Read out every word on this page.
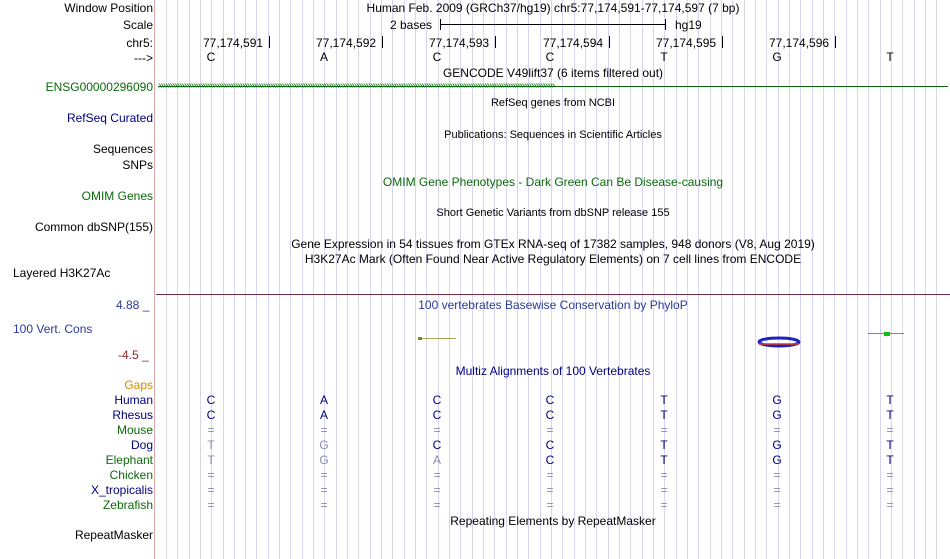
Window Position	Human Feb. 2009 (GRCh37/hg19) chr5:77,174,591-77,174,597 (7 bp)
Scale	2 bases	hg19
chr5:	77,174,591	77,174,592	77,174,593	77,174,594	77,174,595	77,174,596
--->	C	A	C	C	T	G	T
GENCODE V49lift37 (6 items filtered out)
ENSG00000296090 ››››››››››››››››››››››››››››››››››››››››››››››››››››››››››››››››››››››››››››››››››››››››››››››››››››››››››››››››››››››››››››››››››››››››››››››››››››››››››››››››››››››››››
RefSeq genes from NCBI
RefSeq Curated
Publications: Sequences in Scientific Articles
Sequences
SNPs
OMIM Gene Phenotypes - Dark Green Can Be Disease-causing
OMIM Genes
Short Genetic Variants from dbSNP release 155
Common dbSNP(155)
Gene Expression in 54 tissues from GTEx RNA-seq of 17382 samples, 948 donors (V8, Aug 2019)
H3K27Ac Mark (Often Found Near Active Regulatory Elements) on 7 cell lines from ENCODE
Layered H3K27Ac
100 vertebrates Basewise Conservation by PhyloP
4.88 _
100 Vert. Cons
-4.5 _
Multiz Alignments of 100 Vertebrates
Gaps
Human	C	A	C	C	T	G	T
Rhesus	C	A	C	C	T	G	T
Mouse	=	=	=	=	=	=	=
Dog	T	G	C	C	T	G	T
Elephant	T	G	A	C	T	G	T
Chicken	=	=	=	=	=	=	=
X_tropicalis	=	=	=	=	=	=	=
Zebrafish	=	=	=	=	=	=	=
Repeating Elements by RepeatMasker
RepeatMasker
